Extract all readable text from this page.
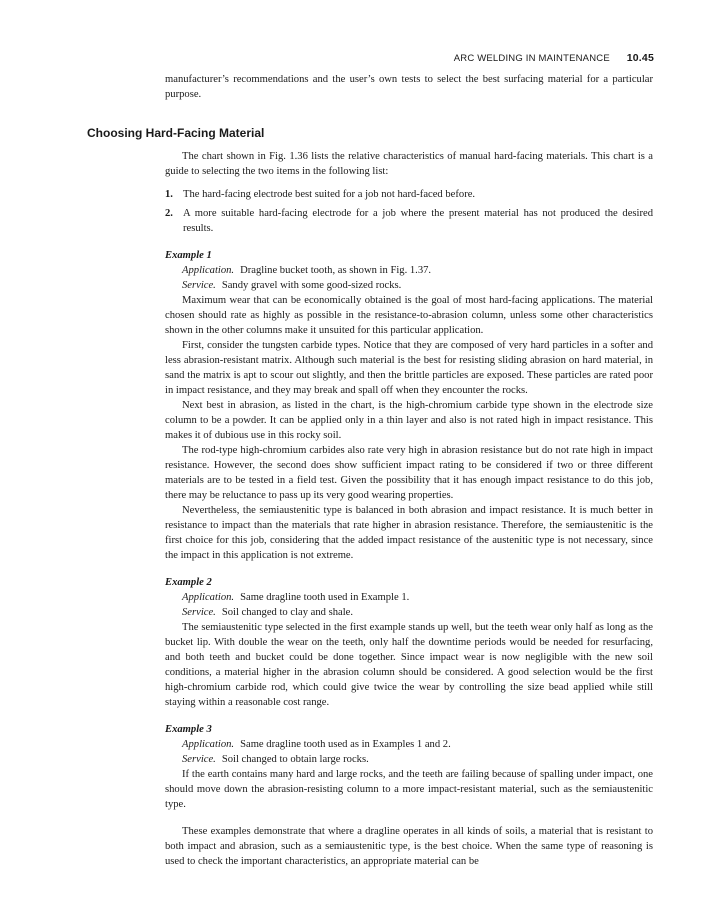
ARC WELDING IN MAINTENANCE 10.45

manufacturer’s recommendations and the user’s own tests to select the best surfacing material for a particular purpose.

Choosing Hard-Facing Material

The chart shown in Fig. 1.36 lists the relative characteristics of manual hard-facing materials. This chart is a guide to selecting the two items in the following list:

1. The hard-facing electrode best suited for a job not hard-faced before.
2. A more suitable hard-facing electrode for a job where the present material has not produced the desired results.

Example 1

Application. Dragline bucket tooth, as shown in Fig. 1.37.

Service. Sandy gravel with some good-sized rocks.

Maximum wear that can be economically obtained is the goal of most hard-facing applications. The material chosen should rate as highly as possible in the resistance-to-abrasion column, unless some other characteristics shown in the other columns make it unsuited for this particular application.

First, consider the tungsten carbide types. Notice that they are composed of very hard particles in a softer and less abrasion-resistant matrix. Although such material is the best for resisting sliding abrasion on hard material, in sand the matrix is apt to scour out slightly, and then the brittle particles are exposed. These particles are rated poor in impact resistance, and they may break and spall off when they encounter the rocks.

Next best in abrasion, as listed in the chart, is the high-chromium carbide type shown in the electrode size column to be a powder. It can be applied only in a thin layer and also is not rated high in impact resistance. This makes it of dubious use in this rocky soil.

The rod-type high-chromium carbides also rate very high in abrasion resistance but do not rate high in impact resistance. However, the second does show sufficient impact rating to be considered if two or three different materials are to be tested in a field test. Given the possibility that it has enough impact resistance to do this job, there may be reluctance to pass up its very good wearing properties.

Nevertheless, the semiaustenitic type is balanced in both abrasion and impact resistance. It is much better in resistance to impact than the materials that rate higher in abrasion resistance. Therefore, the semiaustenitic is the first choice for this job, considering that the added impact resistance of the austenitic type is not necessary, since the impact in this application is not extreme.

Example 2

Application. Same dragline tooth used in Example 1.

Service. Soil changed to clay and shale.

The semiaustenitic type selected in the first example stands up well, but the teeth wear only half as long as the bucket lip. With double the wear on the teeth, only half the downtime periods would be needed for resurfacing, and both teeth and bucket could be done together. Since impact wear is now negligible with the new soil conditions, a material higher in the abrasion column should be considered. A good selection would be the first high-chromium carbide rod, which could give twice the wear by controlling the size bead applied while still staying within a reasonable cost range.

Example 3

Application. Same dragline tooth used as in Examples 1 and 2.

Service. Soil changed to obtain large rocks.

If the earth contains many hard and large rocks, and the teeth are failing because of spalling under impact, one should move down the abrasion-resisting column to a more impact-resistant material, such as the semiaustenitic type.

These examples demonstrate that where a dragline operates in all kinds of soils, a material that is resistant to both impact and abrasion, such as a semiaustenitic type, is the best choice. When the same type of reasoning is used to check the important characteristics, an appropriate material can be
